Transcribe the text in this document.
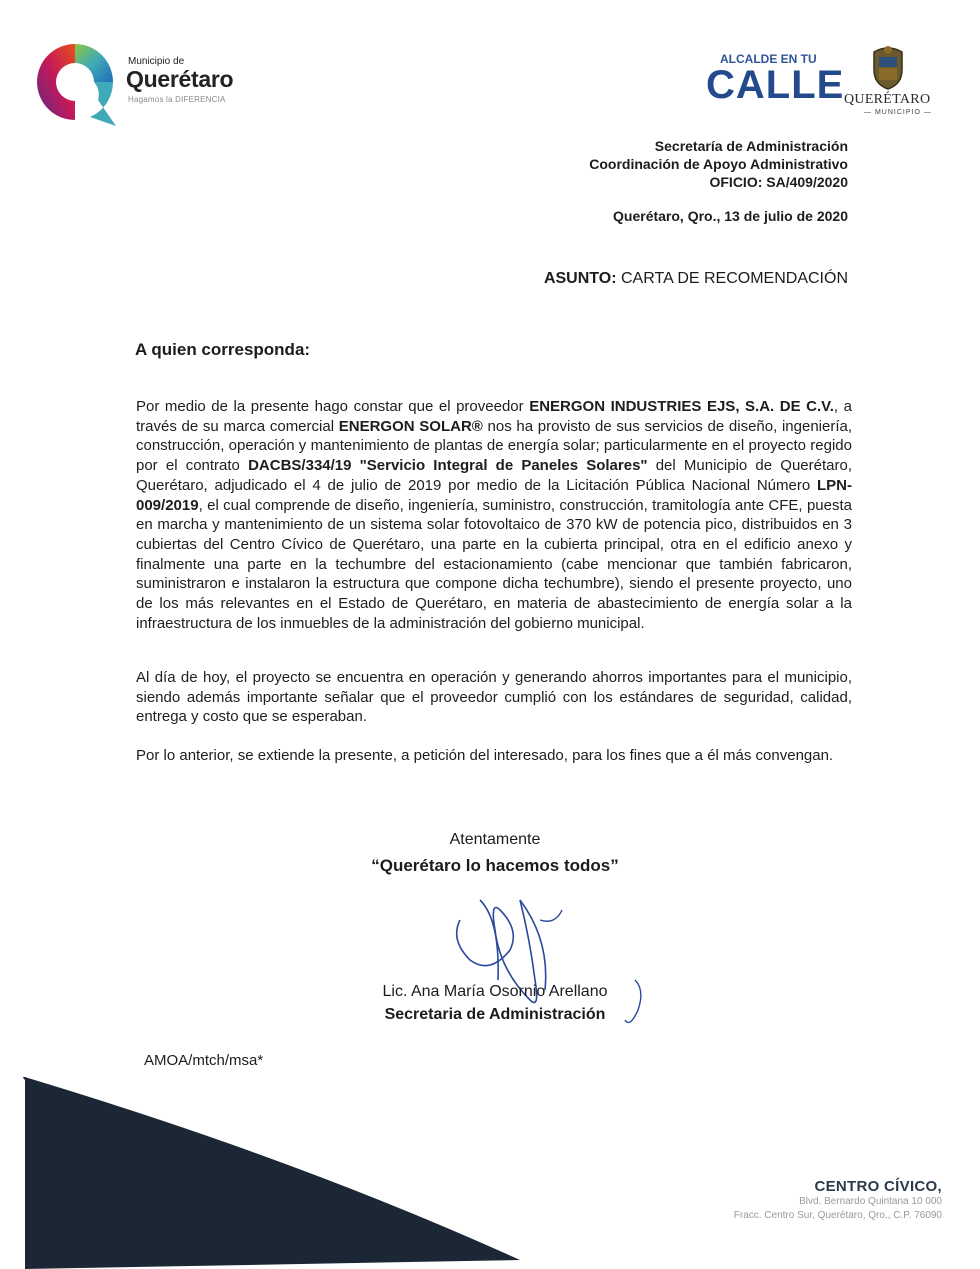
Municipio de
Querétaro
Hagamos la DIFERENCIA
ALCALDE EN TU
CALLE QUERÉTARO
— MUNICIPIO —
Secretaría de Administración
Coordinación de Apoyo Administrativo
OFICIO: SA/409/2020
Querétaro, Qro., 13 de julio de 2020
ASUNTO: CARTA DE RECOMENDACIÓN
A quien corresponda:
Por medio de la presente hago constar que el proveedor ENERGON INDUSTRIES EJS, S.A. DE C.V., a través de su marca comercial ENERGON SOLAR® nos ha provisto de sus servicios de diseño, ingeniería, construcción, operación y mantenimiento de plantas de energía solar; particularmente en el proyecto regido por el contrato DACBS/334/19 "Servicio Integral de Paneles Solares" del Municipio de Querétaro, Querétaro, adjudicado el 4 de julio de 2019 por medio de la Licitación Pública Nacional Número LPN-009/2019, el cual comprende de diseño, ingeniería, suministro, construcción, tramitología ante CFE, puesta en marcha y mantenimiento de un sistema solar fotovoltaico de 370 kW de potencia pico, distribuidos en 3 cubiertas del Centro Cívico de Querétaro, una parte en la cubierta principal, otra en el edificio anexo y finalmente una parte en la techumbre del estacionamiento (cabe mencionar que también fabricaron, suministraron e instalaron la estructura que compone dicha techumbre), siendo el presente proyecto, uno de los más relevantes en el Estado de Querétaro, en materia de abastecimiento de energía solar a la infraestructura de los inmuebles de la administración del gobierno municipal.
Al día de hoy, el proyecto se encuentra en operación y generando ahorros importantes para el municipio, siendo además importante señalar que el proveedor cumplió con los estándares de seguridad, calidad, entrega y costo que se esperaban.
Por lo anterior, se extiende la presente, a petición del interesado, para los fines que a él más convengan.
Atentamente
“Querétaro lo hacemos todos”
Lic. Ana María Osornio Arellano
Secretaria de Administración
AMOA/mtch/msa*
CENTRO CÍVICO,
Blvd. Bernardo Quintana 10 000
Fracc. Centro Sur, Querétaro, Qro., C.P. 76090
